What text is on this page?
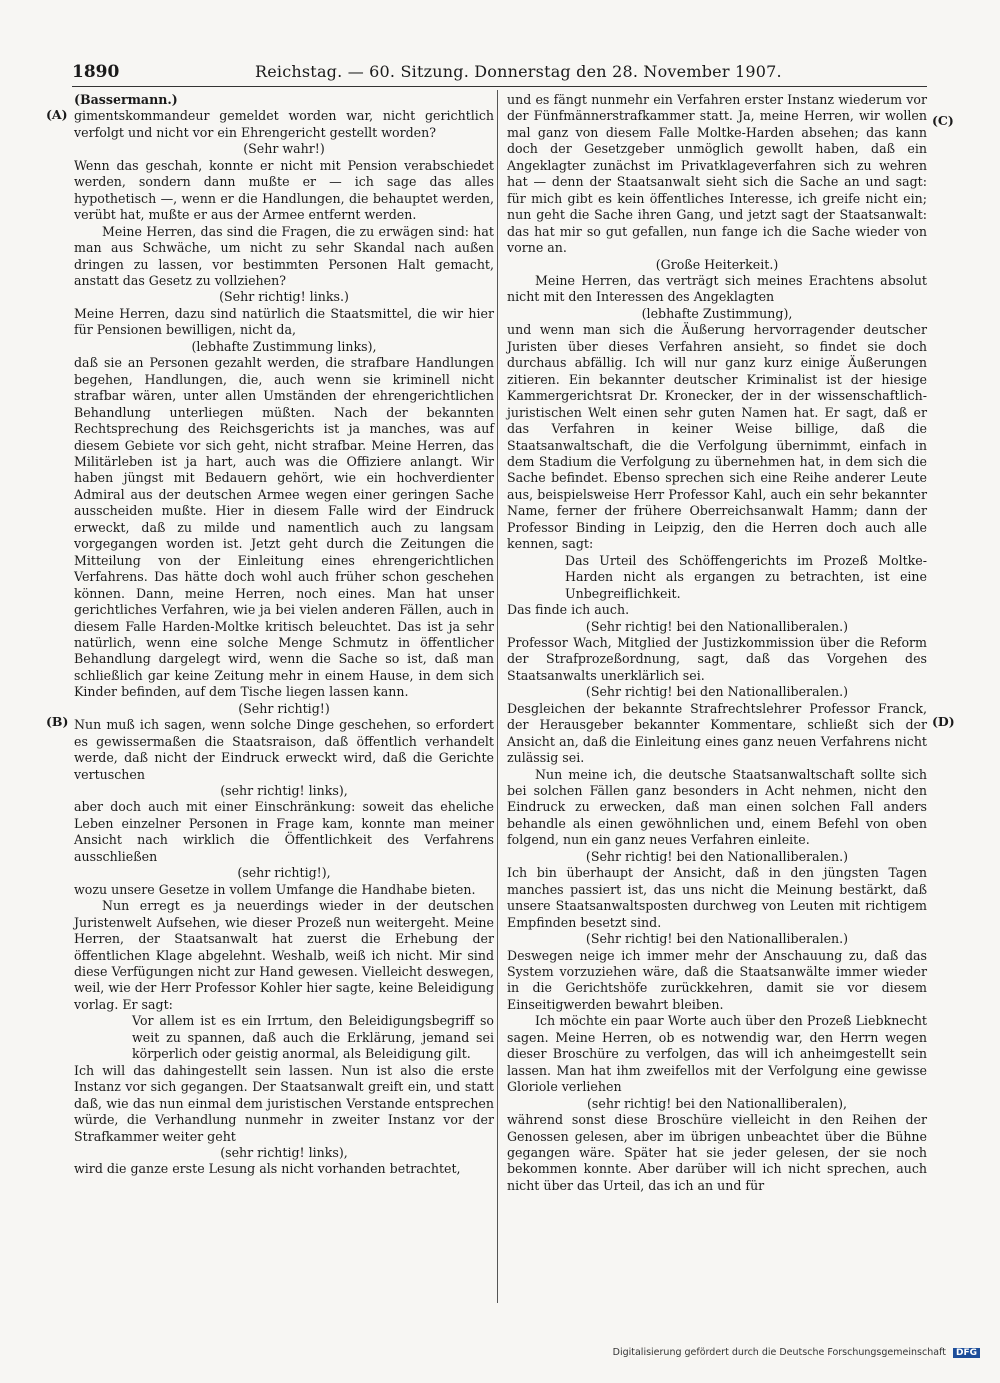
1890	Reichstag. — 60. Sitzung. Donnerstag den 28. November 1907.
(A)
(B)
(C)
(D)

(Bassermann.)

gimentskommandeur gemeldet worden war, nicht gerichtlich verfolgt und nicht vor ein Ehrengericht gestellt worden?

(Sehr wahr!)

Wenn das geschah, konnte er nicht mit Pension verabschiedet werden, sondern dann mußte er — ich sage das alles hypothetisch —, wenn er die Handlungen, die behauptet werden, verübt hat, mußte er aus der Armee entfernt werden.

Meine Herren, das sind die Fragen, die zu erwägen sind: hat man aus Schwäche, um nicht zu sehr Skandal nach außen dringen zu lassen, vor bestimmten Personen Halt gemacht, anstatt das Gesetz zu vollziehen?

(Sehr richtig! links.)

Meine Herren, dazu sind natürlich die Staatsmittel, die wir hier für Pensionen bewilligen, nicht da,

(lebhafte Zustimmung links),

daß sie an Personen gezahlt werden, die strafbare Handlungen begehen, Handlungen, die, auch wenn sie kriminell nicht strafbar wären, unter allen Umständen der ehrengerichtlichen Behandlung unterliegen müßten. Nach der bekannten Rechtsprechung des Reichsgerichts ist ja manches, was auf diesem Gebiete vor sich geht, nicht strafbar. Meine Herren, das Militärleben ist ja hart, auch was die Offiziere anlangt. Wir haben jüngst mit Bedauern gehört, wie ein hochverdienter Admiral aus der deutschen Armee wegen einer geringen Sache ausscheiden mußte. Hier in diesem Falle wird der Eindruck erweckt, daß zu milde und namentlich auch zu langsam vorgegangen worden ist. Jetzt geht durch die Zeitungen die Mitteilung von der Einleitung eines ehrengerichtlichen Verfahrens. Das hätte doch wohl auch früher schon geschehen können. Dann, meine Herren, noch eines. Man hat unser gerichtliches Verfahren, wie ja bei vielen anderen Fällen, auch in diesem Falle Harden-Moltke kritisch beleuchtet. Das ist ja sehr natürlich, wenn eine solche Menge Schmutz in öffentlicher Behandlung dargelegt wird, wenn die Sache so ist, daß man schließlich gar keine Zeitung mehr in einem Hause, in dem sich Kinder befinden, auf dem Tische liegen lassen kann.

(Sehr richtig!)

Nun muß ich sagen, wenn solche Dinge geschehen, so erfordert es gewissermaßen die Staatsraison, daß öffentlich verhandelt werde, daß nicht der Eindruck erweckt wird, daß die Gerichte vertuschen

(sehr richtig! links),

aber doch auch mit einer Einschränkung: soweit das eheliche Leben einzelner Personen in Frage kam, konnte man meiner Ansicht nach wirklich die Öffentlichkeit des Verfahrens ausschließen

(sehr richtig!),

wozu unsere Gesetze in vollem Umfange die Handhabe bieten.

Nun erregt es ja neuerdings wieder in der deutschen Juristenwelt Aufsehen, wie dieser Prozeß nun weitergeht. Meine Herren, der Staatsanwalt hat zuerst die Erhebung der öffentlichen Klage abgelehnt. Weshalb, weiß ich nicht. Mir sind diese Verfügungen nicht zur Hand gewesen. Vielleicht deswegen, weil, wie der Herr Professor Kohler hier sagte, keine Beleidigung vorlag. Er sagt:

Vor allem ist es ein Irrtum, den Beleidigungsbegriff so weit zu spannen, daß auch die Erklärung, jemand sei körperlich oder geistig anormal, als Beleidigung gilt.

Ich will das dahingestellt sein lassen. Nun ist also die erste Instanz vor sich gegangen. Der Staatsanwalt greift ein, und statt daß, wie das nun einmal dem juristischen Verstande entsprechen würde, die Verhandlung nunmehr in zweiter Instanz vor der Strafkammer weiter geht

(sehr richtig! links),

wird die ganze erste Lesung als nicht vorhanden betrachtet,

und es fängt nunmehr ein Verfahren erster Instanz wiederum vor der Fünfmännerstrafkammer statt. Ja, meine Herren, wir wollen mal ganz von diesem Falle Moltke-Harden absehen; das kann doch der Gesetzgeber unmöglich gewollt haben, daß ein Angeklagter zunächst im Privatklageverfahren sich zu wehren hat — denn der Staatsanwalt sieht sich die Sache an und sagt: für mich gibt es kein öffentliches Interesse, ich greife nicht ein; nun geht die Sache ihren Gang, und jetzt sagt der Staatsanwalt: das hat mir so gut gefallen, nun fange ich die Sache wieder von vorne an.

(Große Heiterkeit.)

Meine Herren, das verträgt sich meines Erachtens absolut nicht mit den Interessen des Angeklagten

(lebhafte Zustimmung),

und wenn man sich die Äußerung hervorragender deutscher Juristen über dieses Verfahren ansieht, so findet sie doch durchaus abfällig. Ich will nur ganz kurz einige Äußerungen zitieren. Ein bekannter deutscher Kriminalist ist der hiesige Kammergerichtsrat Dr. Kronecker, der in der wissenschaftlich-juristischen Welt einen sehr guten Namen hat. Er sagt, daß er das Verfahren in keiner Weise billige, daß die Staatsanwaltschaft, die die Verfolgung übernimmt, einfach in dem Stadium die Verfolgung zu übernehmen hat, in dem sich die Sache befindet. Ebenso sprechen sich eine Reihe anderer Leute aus, beispielsweise Herr Professor Kahl, auch ein sehr bekannter Name, ferner der frühere Oberreichsanwalt Hamm; dann der Professor Binding in Leipzig, den die Herren doch auch alle kennen, sagt:

Das Urteil des Schöffengerichts im Prozeß Moltke-Harden nicht als ergangen zu betrachten, ist eine Unbegreiflichkeit.

Das finde ich auch.

(Sehr richtig! bei den Nationalliberalen.)

Professor Wach, Mitglied der Justizkommission über die Reform der Strafprozeßordnung, sagt, daß das Vorgehen des Staatsanwalts unerklärlich sei.

(Sehr richtig! bei den Nationalliberalen.)

Desgleichen der bekannte Strafrechtslehrer Professor Franck, der Herausgeber bekannter Kommentare, schließt sich der Ansicht an, daß die Einleitung eines ganz neuen Verfahrens nicht zulässig sei.

Nun meine ich, die deutsche Staatsanwaltschaft sollte sich bei solchen Fällen ganz besonders in Acht nehmen, nicht den Eindruck zu erwecken, daß man einen solchen Fall anders behandle als einen gewöhnlichen und, einem Befehl von oben folgend, nun ein ganz neues Verfahren einleite.

(Sehr richtig! bei den Nationalliberalen.)

Ich bin überhaupt der Ansicht, daß in den jüngsten Tagen manches passiert ist, das uns nicht die Meinung bestärkt, daß unsere Staatsanwaltsposten durchweg von Leuten mit richtigem Empfinden besetzt sind.

(Sehr richtig! bei den Nationalliberalen.)

Deswegen neige ich immer mehr der Anschauung zu, daß das System vorzuziehen wäre, daß die Staatsanwälte immer wieder in die Gerichtshöfe zurückkehren, damit sie vor diesem Einseitigwerden bewahrt bleiben.

Ich möchte ein paar Worte auch über den Prozeß Liebknecht sagen. Meine Herren, ob es notwendig war, den Herrn wegen dieser Broschüre zu verfolgen, das will ich anheimgestellt sein lassen. Man hat ihm zweifellos mit der Verfolgung eine gewisse Gloriole verliehen

(sehr richtig! bei den Nationalliberalen),

während sonst diese Broschüre vielleicht in den Reihen der Genossen gelesen, aber im übrigen unbeachtet über die Bühne gegangen wäre. Später hat sie jeder gelesen, der sie noch bekommen konnte. Aber darüber will ich nicht sprechen, auch nicht über das Urteil, das ich an und für

Digitalisierung gefördert durch die Deutsche Forschungsgemeinschaft DFG
